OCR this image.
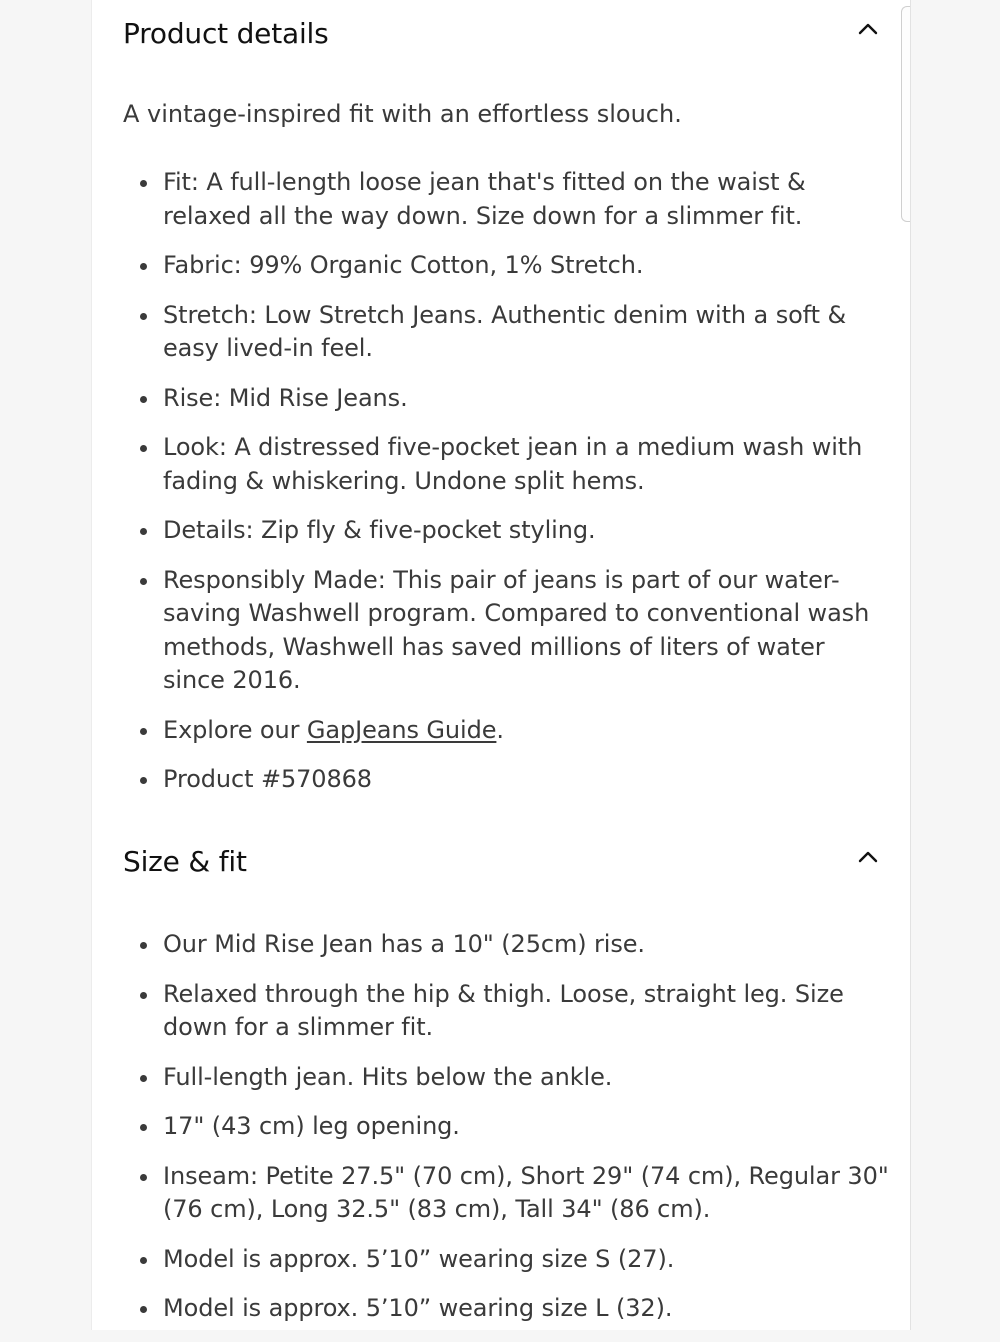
Product details
A vintage-inspired fit with an effortless slouch.
Fit: A full-length loose jean that's fitted on the waist & relaxed all the way down. Size down for a slimmer fit.
Fabric: 99% Organic Cotton, 1% Stretch.
Stretch: Low Stretch Jeans. Authentic denim with a soft & easy lived-in feel.
Rise: Mid Rise Jeans.
Look: A distressed five-pocket jean in a medium wash with fading & whiskering. Undone split hems.
Details: Zip fly & five-pocket styling.
Responsibly Made: This pair of jeans is part of our water-saving Washwell program. Compared to conventional wash methods, Washwell has saved millions of liters of water since 2016.
Explore our GapJeans Guide.
Product #570868
Size & fit
Our Mid Rise Jean has a 10" (25cm) rise.
Relaxed through the hip & thigh. Loose, straight leg. Size down for a slimmer fit.
Full-length jean. Hits below the ankle.
17" (43 cm) leg opening.
Inseam: Petite 27.5" (70 cm), Short 29" (74 cm), Regular 30" (76 cm), Long 32.5" (83 cm), Tall 34" (86 cm).
Model is approx. 5’10” wearing size S (27).
Model is approx. 5’10” wearing size L (32).
